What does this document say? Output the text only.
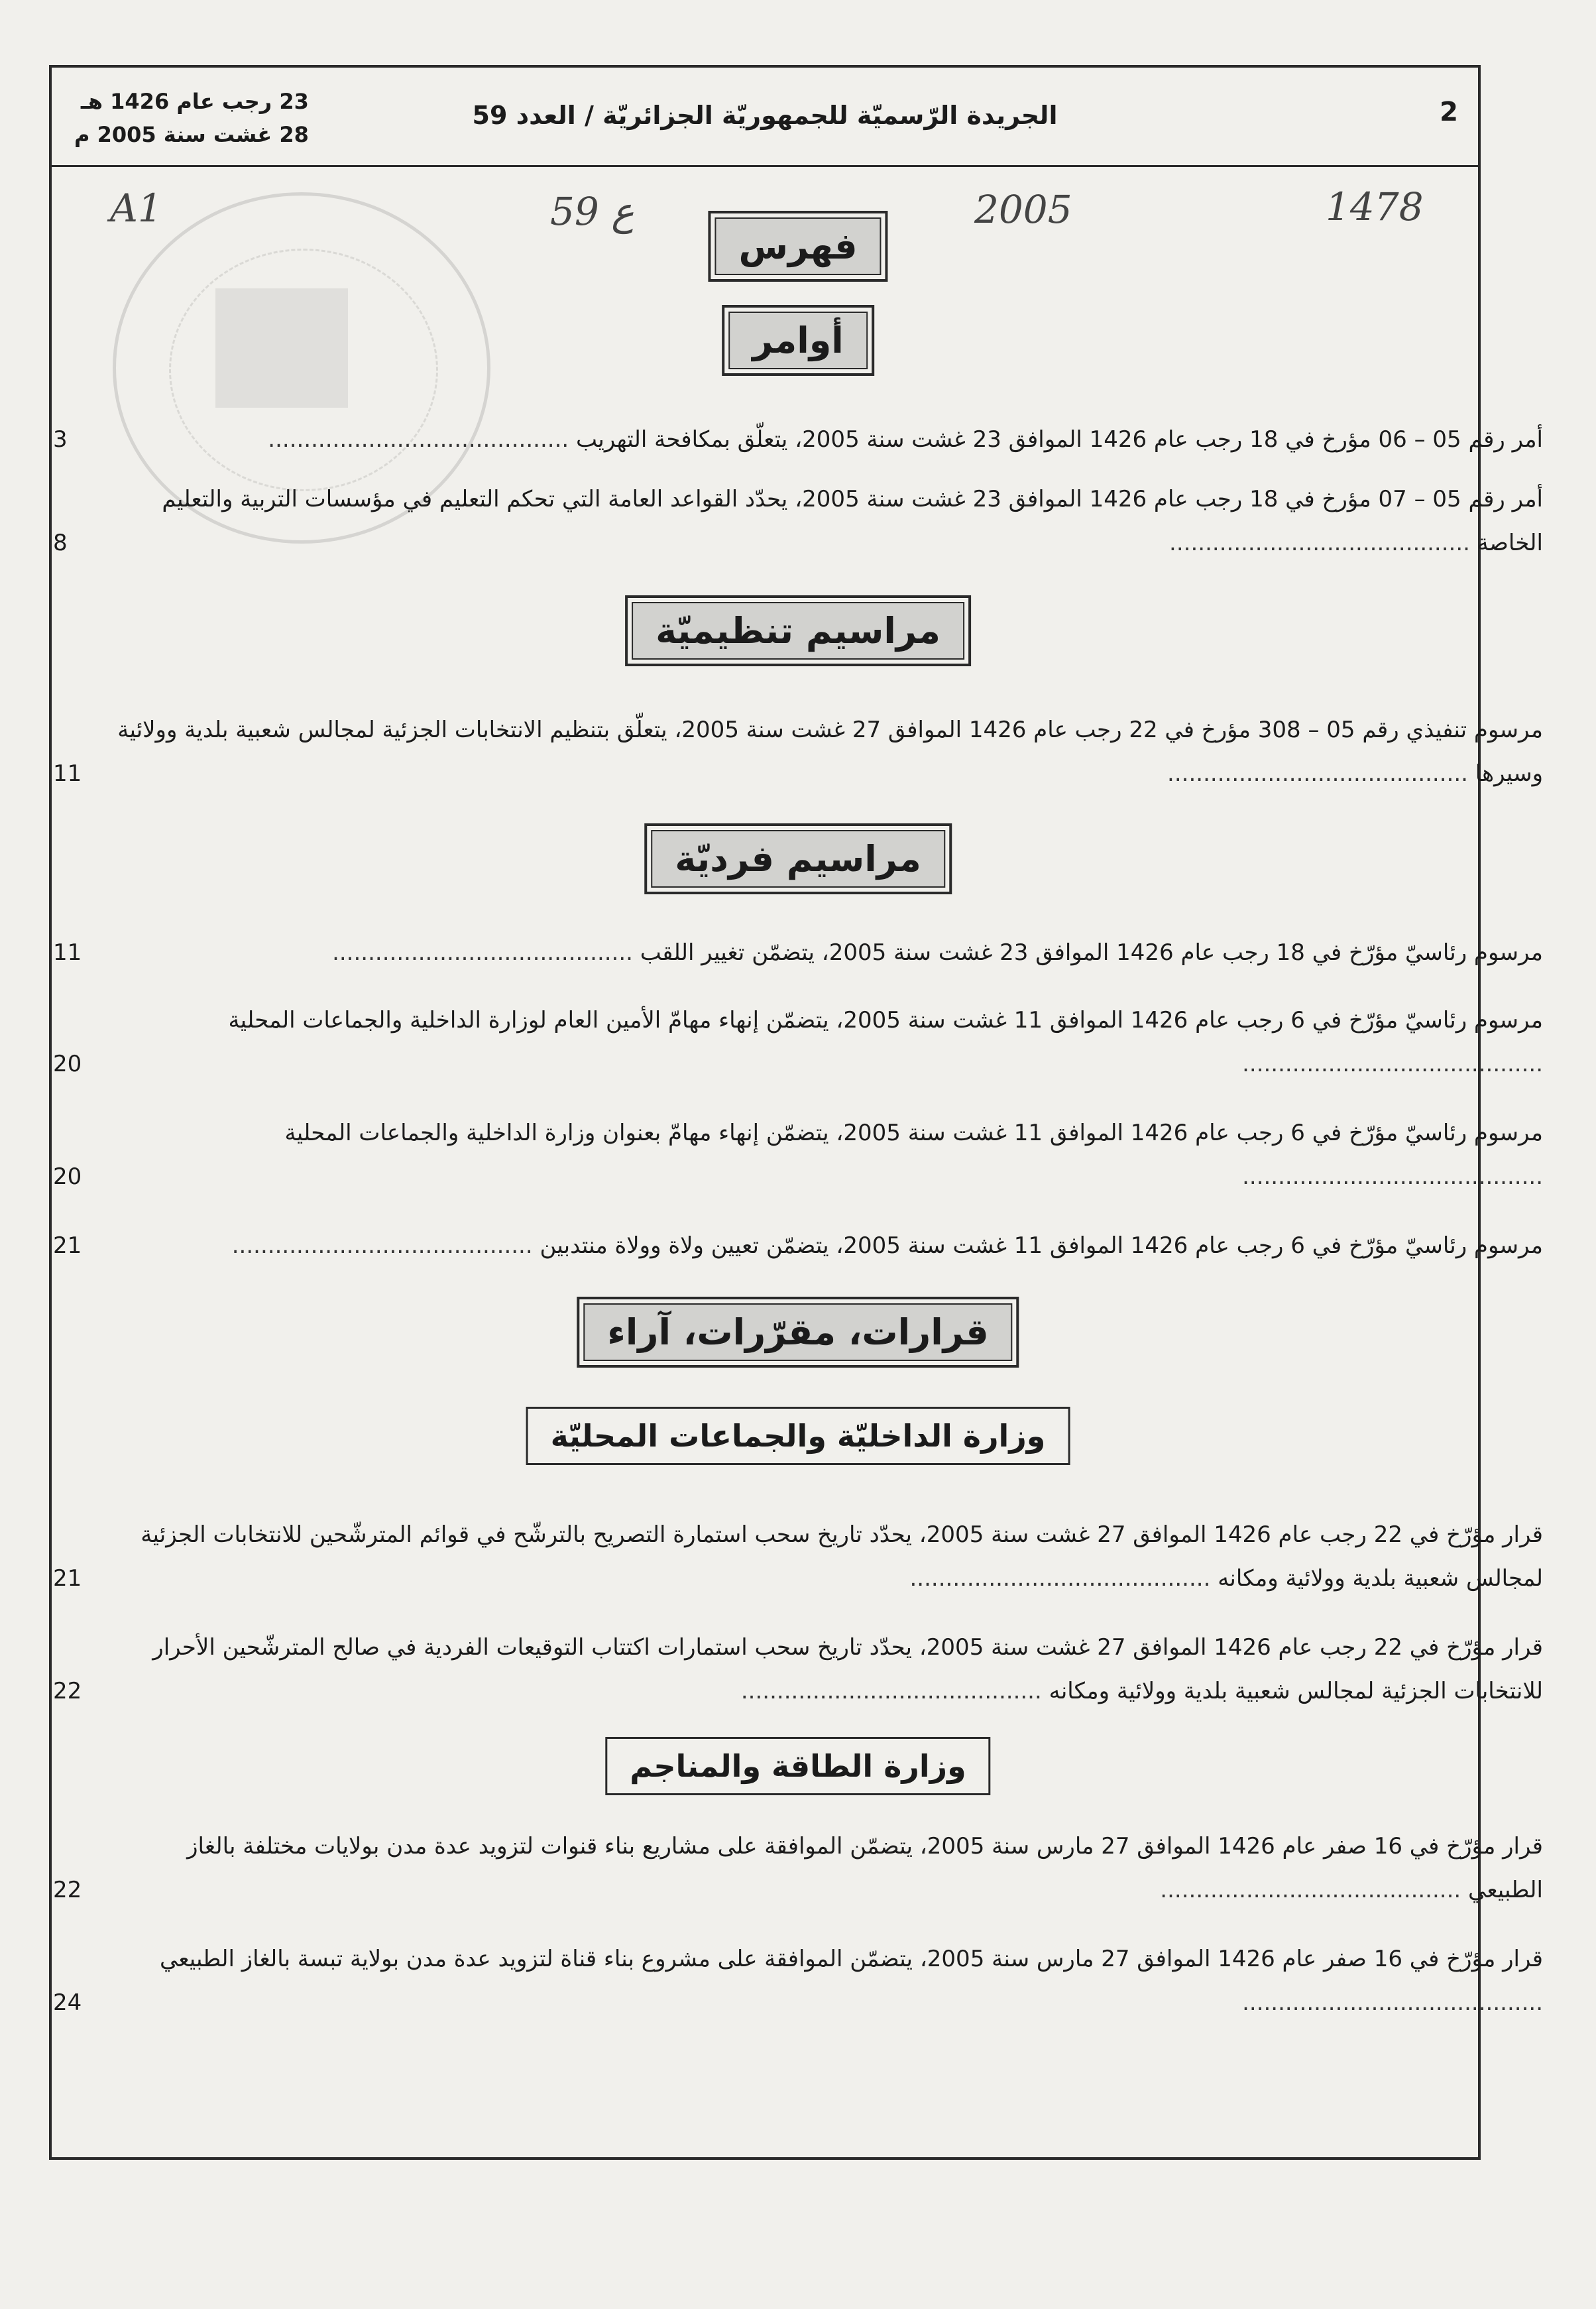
2
الجريدة الرّسميّة للجمهوريّة الجزائريّة / العدد 59
23 رجب عام 1426 هـ
28 غشت سنة 2005 م
A1	59 ع	2005	1478
فهرس
أوامر
أمر رقم 05 – 06 مؤرخ في 18 رجب عام 1426 الموافق 23 غشت سنة 2005، يتعلّق بمكافحة التهريب .....
3
أمر رقم 05 – 07 مؤرخ في 18 رجب عام 1426 الموافق 23 غشت سنة 2005، يحدّد القواعد العامة التي تحكم التعليم في مؤسسات التربية والتعليم الخاصة .....
8
مراسيم تنظيميّة
مرسوم تنفيذي رقم 05 – 308 مؤرخ في 22 رجب عام 1426 الموافق 27 غشت سنة 2005، يتعلّق بتنظيم الانتخابات الجزئية لمجالس شعبية بلدية وولائية وسيرها .....
11
مراسيم فرديّة
مرسوم رئاسيّ مؤرّخ في 18 رجب عام 1426 الموافق 23 غشت سنة 2005، يتضمّن تغيير اللقب .....
11
مرسوم رئاسيّ مؤرّخ في 6 رجب عام 1426 الموافق 11 غشت سنة 2005، يتضمّن إنهاء مهامّ الأمين العام لوزارة الداخلية والجماعات المحلية .....
20
مرسوم رئاسيّ مؤرّخ في 6 رجب عام 1426 الموافق 11 غشت سنة 2005، يتضمّن إنهاء مهامّ بعنوان وزارة الداخلية والجماعات المحلية .....
20
مرسوم رئاسيّ مؤرّخ في 6 رجب عام 1426 الموافق 11 غشت سنة 2005، يتضمّن تعيين ولاة وولاة منتدبين .....
21
قرارات، مقرّرات، آراء
وزارة الداخليّة والجماعات المحليّة
قرار مؤرّخ في 22 رجب عام 1426 الموافق 27 غشت سنة 2005، يحدّد تاريخ سحب استمارة التصريح بالترشّح في قوائم المترشّحين للانتخابات الجزئية لمجالس شعبية بلدية وولائية ومكانه .....
21
قرار مؤرّخ في 22 رجب عام 1426 الموافق 27 غشت سنة 2005، يحدّد تاريخ سحب استمارات اكتتاب التوقيعات الفردية في صالح المترشّحين الأحرار للانتخابات الجزئية لمجالس شعبية بلدية وولائية ومكانه .....
22
وزارة الطاقة والمناجم
قرار مؤرّخ في 16 صفر عام 1426 الموافق 27 مارس سنة 2005، يتضمّن الموافقة على مشاريع بناء قنوات لتزويد عدة مدن بولايات مختلفة بالغاز الطبيعي .....
22
قرار مؤرّخ في 16 صفر عام 1426 الموافق 27 مارس سنة 2005، يتضمّن الموافقة على مشروع بناء قناة لتزويد عدة مدن بولاية تبسة بالغاز الطبيعي .....
24
